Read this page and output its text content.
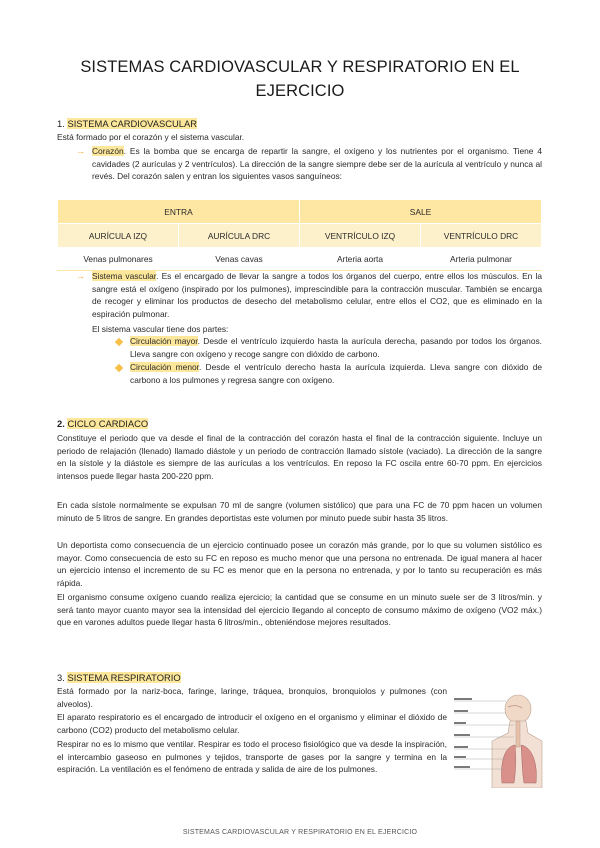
SISTEMAS CARDIOVASCULAR Y RESPIRATORIO EN EL EJERCICIO
1. SISTEMA CARDIOVASCULAR
Está formado por el corazón y el sistema vascular.
→ Corazón. Es la bomba que se encarga de repartir la sangre, el oxígeno y los nutrientes por el organismo. Tiene 4 cavidades (2 aurículas y 2 ventrículos). La dirección de la sangre siempre debe ser de la aurícula al ventrículo y nunca al revés. Del corazón salen y entran los siguientes vasos sanguíneos:
ENTRA		SALE	
AURÍCULA IZQ	AURÍCULA DRC	VENTRÍCULO IZQ	VENTRÍCULO DRC
Venas pulmonares	Venas cavas	Arteria aorta	Arteria pulmonar
→ Sistema vascular. Es el encargado de llevar la sangre a todos los órganos del cuerpo, entre ellos los músculos. En la sangre está el oxígeno (inspirado por los pulmones), imprescindible para la contracción muscular. También se encarga de recoger y eliminar los productos de desecho del metabolismo celular, entre ellos el CO2, que es eliminado en la espiración pulmonar.
El sistema vascular tiene dos partes:
Circulación mayor. Desde el ventrículo izquierdo hasta la aurícula derecha, pasando por todos los órganos. Lleva sangre con oxígeno y recoge sangre con dióxido de carbono.
Circulación menor. Desde el ventrículo derecho hasta la aurícula izquierda. Lleva sangre con dióxido de carbono a los pulmones y regresa sangre con oxígeno.
2. CICLO CARDIACO
Constituye el periodo que va desde el final de la contracción del corazón hasta el final de la contracción siguiente. Incluye un periodo de relajación (llenado) llamado diástole y un periodo de contracción llamado sístole (vaciado). La dirección de la sangre en la sístole y la diástole es siempre de las aurículas a los ventrículos. En reposo la FC oscila entre 60-70 ppm. En ejercicios intensos puede llegar hasta 200-220 ppm.
En cada sístole normalmente se expulsan 70 ml de sangre (volumen sistólico) que para una FC de 70 ppm hacen un volumen minuto de 5 litros de sangre. En grandes deportistas este volumen por minuto puede subir hasta 35 litros.
Un deportista como consecuencia de un ejercicio continuado posee un corazón más grande, por lo que su volumen sistólico es mayor. Como consecuencia de esto su FC en reposo es mucho menor que una persona no entrenada. De igual manera al hacer un ejercicio intenso el incremento de su FC es menor que en la persona no entrenada, y por lo tanto su recuperación es más rápida.
El organismo consume oxígeno cuando realiza ejercicio; la cantidad que se consume en un minuto suele ser de 3 litros/min. y será tanto mayor cuanto mayor sea la intensidad del ejercicio llegando al concepto de consumo máximo de oxígeno (VO2 máx.) que en varones adultos puede llegar hasta 6 litros/min., obteniéndose mejores resultados.
3. SISTEMA RESPIRATORIO
Está formado por la nariz-boca, faringe, laringe, tráquea, bronquios, bronquiolos y pulmones (con alveolos).
El aparato respiratorio es el encargado de introducir el oxígeno en el organismo y eliminar el dióxido de carbono (CO2) producto del metabolismo celular.
Respirar no es lo mismo que ventilar. Respirar es todo el proceso fisiológico que va desde la inspiración, el intercambio gaseoso en pulmones y tejidos, transporte de gases por la sangre y termina en la espiración. La ventilación es el fenómeno de entrada y salida de aire de los pulmones.
SISTEMAS CARDIOVASCULAR Y RESPIRATORIO EN EL EJERCICIO
